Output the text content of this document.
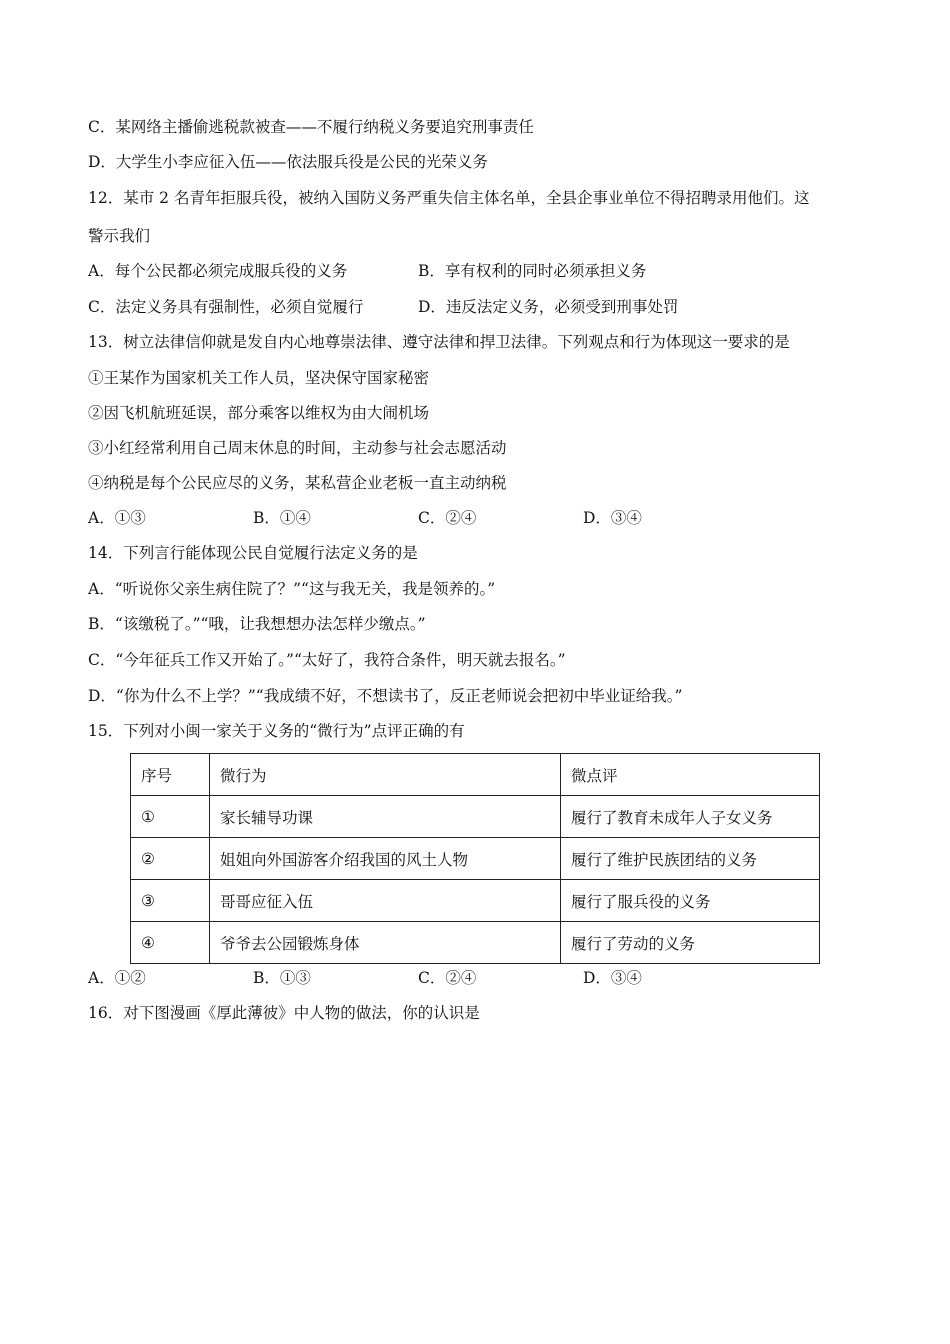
C．某网络主播偷逃税款被查——不履行纳税义务要追究刑事责任
D．大学生小李应征入伍——依法服兵役是公民的光荣义务
12．某市 2 名青年拒服兵役，被纳入国防义务严重失信主体名单，全县企事业单位不得招聘录用他们。这
警示我们
A．每个公民都必须完成服兵役的义务	B．享有权利的同时必须承担义务
C．法定义务具有强制性，必须自觉履行	D．违反法定义务，必须受到刑事处罚
13．树立法律信仰就是发自内心地尊崇法律、遵守法律和捍卫法律。下列观点和行为体现这一要求的是
①王某作为国家机关工作人员，坚决保守国家秘密
②因飞机航班延误，部分乘客以维权为由大闹机场
③小红经常利用自己周末休息的时间，主动参与社会志愿活动
④纳税是每个公民应尽的义务，某私营企业老板一直主动纳税
A．①③	B．①④	C．②④	D．③④
14．下列言行能体现公民自觉履行法定义务的是
A．“听说你父亲生病住院了？”“这与我无关，我是领养的。”
B．“该缴税了。”“哦，让我想想办法怎样少缴点。”
C．“今年征兵工作又开始了。”“太好了，我符合条件，明天就去报名。”
D．“你为什么不上学？”“我成绩不好，不想读书了，反正老师说会把初中毕业证给我。”
15．下列对小闽一家关于义务的“微行为”点评正确的有
序号	微行为	微点评
①	家长辅导功课	履行了教育未成年人子女义务
②	姐姐向外国游客介绍我国的风土人物	履行了维护民族团结的义务
③	哥哥应征入伍	履行了服兵役的义务
④	爷爷去公园锻炼身体	履行了劳动的义务
A．①②	B．①③	C．②④	D．③④
16．对下图漫画《厚此薄彼》中人物的做法，你的认识是
